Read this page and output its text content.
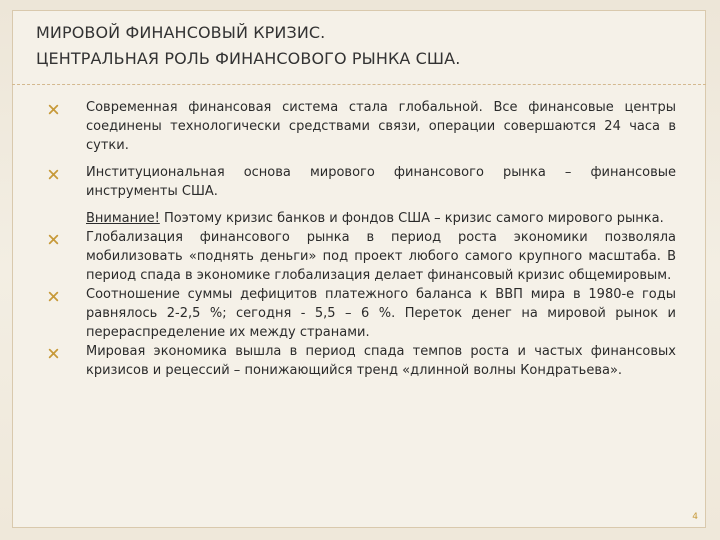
МИРОВОЙ ФИНАНСОВЫЙ КРИЗИС.
ЦЕНТРАЛЬНАЯ РОЛЬ ФИНАНСОВОГО РЫНКА США.
Современная финансовая система стала глобальной. Все финансовые центры соединены технологически средствами связи, операции совершаются 24 часа в сутки.
Институциональная основа мирового финансового рынка – финансовые инструменты США.
Внимание! Поэтому кризис банков и фондов США – кризис самого мирового рынка.
Глобализация финансового рынка в период роста экономики позволяла мобилизовать «поднять деньги» под проект любого самого крупного масштаба. В период спада в экономике глобализация делает финансовый кризис общемировым.
Соотношение суммы дефицитов платежного баланса к ВВП мира в 1980-е годы равнялось 2-2,5 %; сегодня - 5,5 – 6 %. Переток денег на мировой рынок и перераспределение их между странами.
Мировая экономика вышла в период спада темпов роста и частых финансовых кризисов и рецессий – понижающийся тренд «длинной волны Кондратьева».
4
